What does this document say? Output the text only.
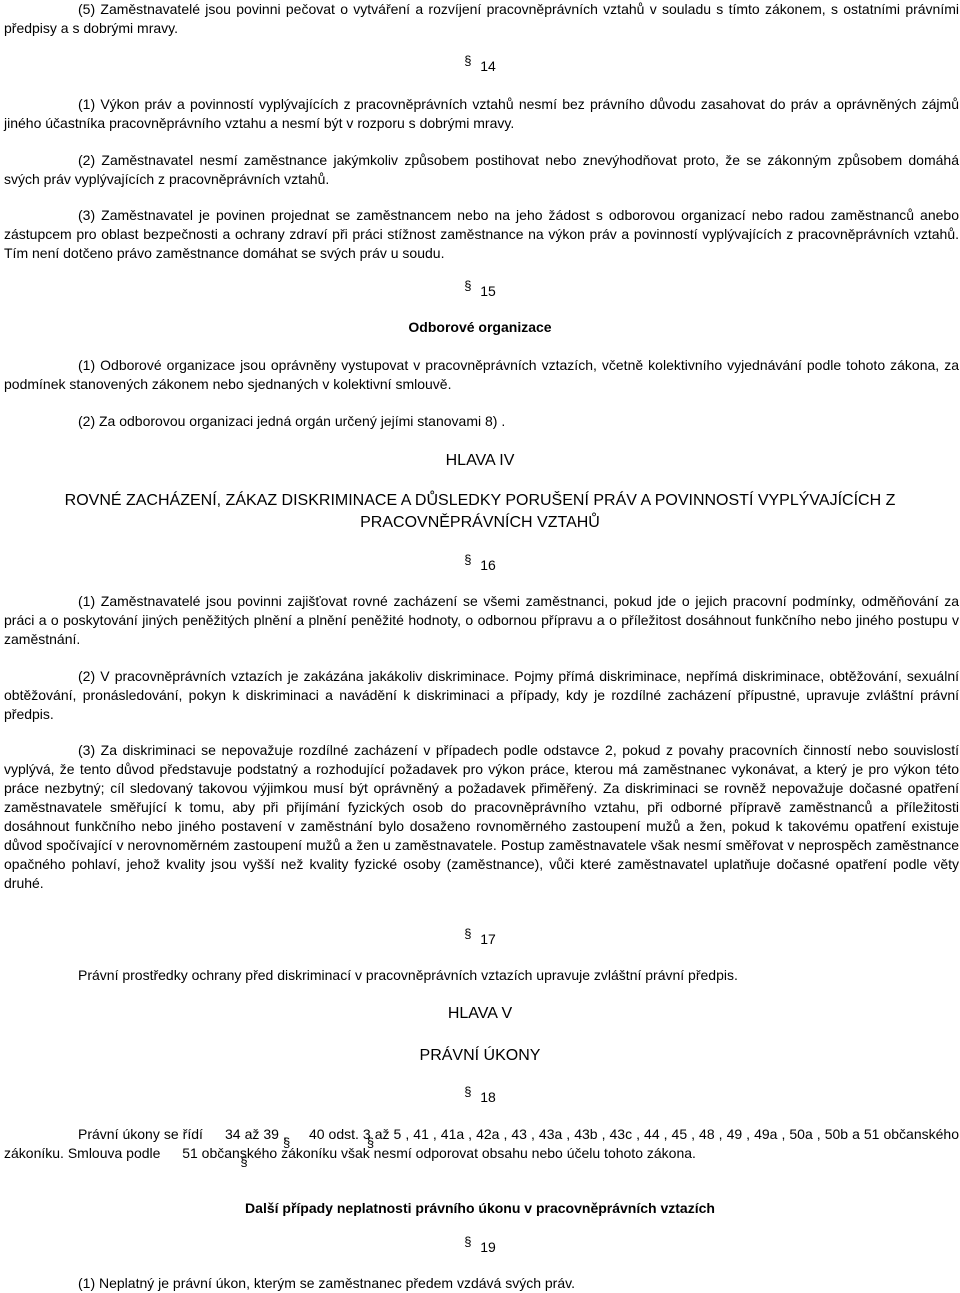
(5) Zaměstnavatelé jsou povinni pečovat o vytváření a rozvíjení pracovněprávních vztahů v souladu s tímto zákonem, s ostatními právními předpisy a s dobrými mravy.

§ 14

(1) Výkon práv a povinností vyplývajících z pracovněprávních vztahů nesmí bez právního důvodu zasahovat do práv a oprávněných zájmů jiného účastníka pracovněprávního vztahu a nesmí být v rozporu s dobrými mravy.

(2) Zaměstnavatel nesmí zaměstnance jakýmkoliv způsobem postihovat nebo znevýhodňovat proto, že se zákonným způsobem domáhá svých práv vyplývajících z pracovněprávních vztahů.

(3) Zaměstnavatel je povinen projednat se zaměstnancem nebo na jeho žádost s odborovou organizací nebo radou zaměstnanců anebo zástupcem pro oblast bezpečnosti a ochrany zdraví při práci stížnost zaměstnance na výkon práv a povinností vyplývajících z pracovněprávních vztahů. Tím není dotčeno právo zaměstnance domáhat se svých práv u soudu.

§ 15
Odborové organizace

(1) Odborové organizace jsou oprávněny vystupovat v pracovněprávních vztazích, včetně kolektivního vyjednávání podle tohoto zákona, za podmínek stanovených zákonem nebo sjednaných v kolektivní smlouvě.

(2) Za odborovou organizaci jedná orgán určený jejími stanovami 8) .

HLAVA IV
ROVNÉ ZACHÁZENÍ, ZÁKAZ DISKRIMINACE A DŮSLEDKY PORUŠENÍ PRÁV A POVINNOSTÍ VYPLÝVAJÍCÍCH Z PRACOVNĚPRÁVNÍCH VZTAHŮ
§ 16

(1) Zaměstnavatelé jsou povinni zajišťovat rovné zacházení se všemi zaměstnanci, pokud jde o jejich pracovní podmínky, odměňování za práci a o poskytování jiných peněžitých plnění a plnění peněžité hodnoty, o odbornou přípravu a o příležitost dosáhnout funkčního nebo jiného postupu v zaměstnání.

(2) V pracovněprávních vztazích je zakázána jakákoliv diskriminace. Pojmy přímá diskriminace, nepřímá diskriminace, obtěžování, sexuální obtěžování, pronásledování, pokyn k diskriminaci a navádění k diskriminaci a případy, kdy je rozdílné zacházení přípustné, upravuje zvláštní právní předpis.

(3) Za diskriminaci se nepovažuje rozdílné zacházení v případech podle odstavce 2, pokud z povahy pracovních činností nebo souvislostí vyplývá, že tento důvod představuje podstatný a rozhodující požadavek pro výkon práce, kterou má zaměstnanec vykonávat, a který je pro výkon této práce nezbytný; cíl sledovaný takovou výjimkou musí být oprávněný a požadavek přiměřený. Za diskriminaci se rovněž nepovažuje dočasné opatření zaměstnavatele směřující k tomu, aby při přijímání fyzických osob do pracovněprávního vztahu, při odborné přípravě zaměstnanců a příležitosti dosáhnout funkčního nebo jiného postavení v zaměstnání bylo dosaženo rovnoměrného zastoupení mužů a žen, pokud k takovému opatření existuje důvod spočívající v nerovnoměrném zastoupení mužů a žen u zaměstnavatele. Postup zaměstnavatele však nesmí směřovat v neprospěch zaměstnance opačného pohlaví, jehož kvality jsou vyšší než kvality fyzické osoby (zaměstnance), vůči které zaměstnavatel uplatňuje dočasné opatření podle věty druhé.

§ 17

Právní prostředky ochrany před diskriminací v pracovněprávních vztazích upravuje zvláštní právní předpis.

HLAVA V
PRÁVNÍ ÚKONY
§ 18

Právní úkony se řídí 34 až 39 , 40 odst. 3 až 5 , 41 , 41a , 42a , 43 , 43a , 43b , 43c , 44 , 45 , 48 , 49 , 49a , 50a , 50b a 51 občanského zákoníku. Smlouva podle 51 občanského zákoníku však nesmí odporovat obsahu nebo účelu tohoto zákona.

Další případy neplatnosti právního úkonu v pracovněprávních vztazích
§ 19

(1) Neplatný je právní úkon, kterým se zaměstnanec předem vzdává svých práv.
